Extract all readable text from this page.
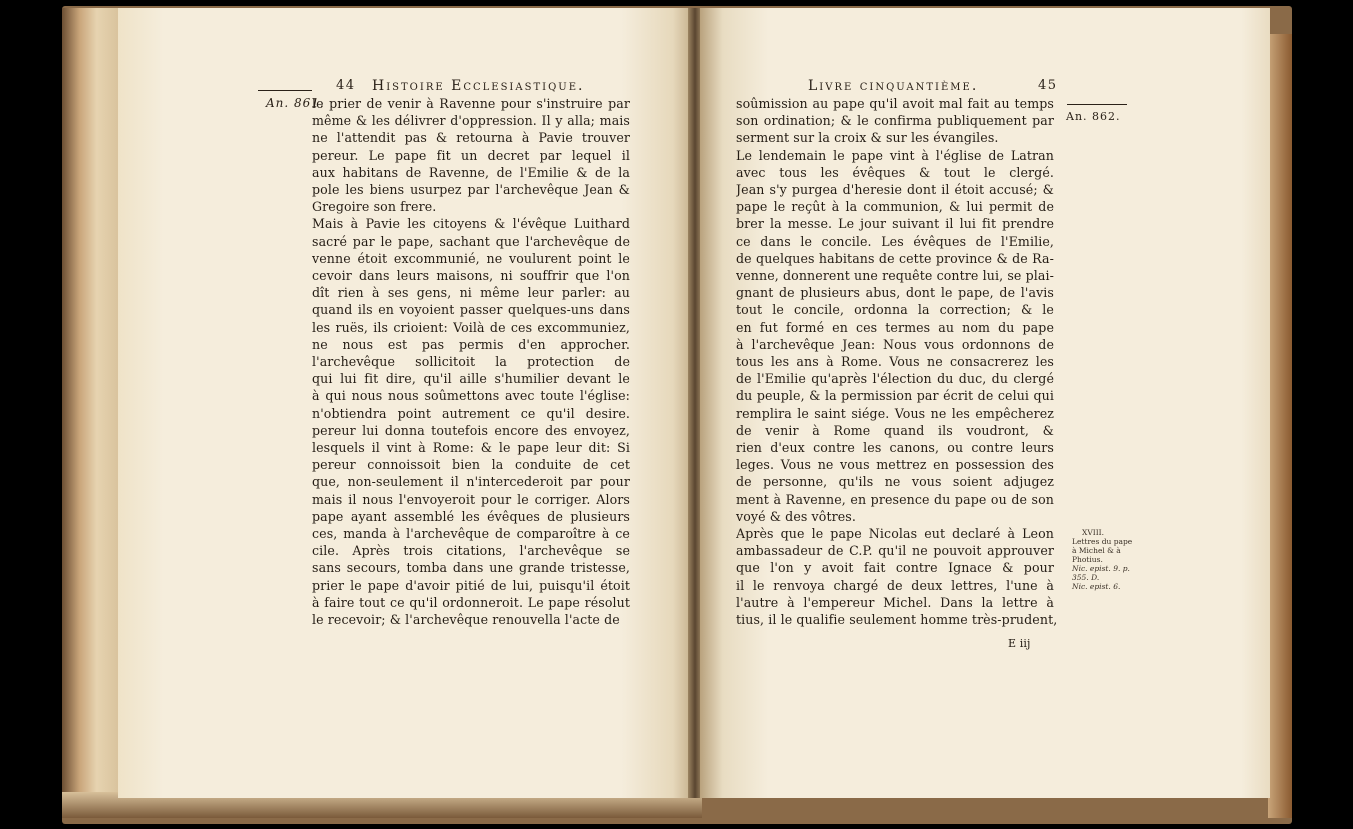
44 Histoire Ecclesiastique.
An. 861.
le prier de venir à Ravenne pour s'instruire par
même & les délivrer d'oppression. Il y alla; mais
ne l'attendit pas & retourna à Pavie trouver
pereur. Le pape fit un decret par lequel il
aux habitans de Ravenne, de l'Emilie & de la
pole les biens usurpez par l'archevêque Jean &
Gregoire son frere.
Mais à Pavie les citoyens & l'évêque Luithard
sacré par le pape, sachant que l'archevêque de
venne étoit excommunié, ne voulurent point le
cevoir dans leurs maisons, ni souffrir que l'on
dît rien à ses gens, ni même leur parler: au
quand ils en voyoient passer quelques-uns dans
les ruës, ils crioient: Voilà de ces excommuniez,
ne nous est pas permis d'en approcher.
l'archevêque sollicitoit la protection de
qui lui fit dire, qu'il aille s'humilier devant le
à qui nous nous soûmettons avec toute l'église:
n'obtiendra point autrement ce qu'il desire.
pereur lui donna toutefois encore des envoyez,
lesquels il vint à Rome: & le pape leur dit: Si
pereur connoissoit bien la conduite de cet
que, non-seulement il n'intercederoit par pour
mais il nous l'envoyeroit pour le corriger. Alors
pape ayant assemblé les évêques de plusieurs
ces, manda à l'archevêque de comparoître à ce
cile. Après trois citations, l'archevêque se
sans secours, tomba dans une grande tristesse,
prier le pape d'avoir pitié de lui, puisqu'il étoit
à faire tout ce qu'il ordonneroit. Le pape résolut
le recevoir; & l'archevêque renouvella l'acte de
Livre cinquantième.	45
An. 862.
soûmission au pape qu'il avoit mal fait au temps
son ordination; & le confirma publiquement par
serment sur la croix & sur les évangiles.
Le lendemain le pape vint à l'église de Latran
avec tous les évêques & tout le clergé.
Jean s'y purgea d'heresie dont il étoit accusé; &
pape le reçût à la communion, & lui permit de
brer la messe. Le jour suivant il lui fit prendre
ce dans le concile. Les évêques de l'Emilie,
de quelques habitans de cette province & de Ra-
venne, donnerent une requête contre lui, se plai-
gnant de plusieurs abus, dont le pape, de l'avis
tout le concile, ordonna la correction; & le
en fut formé en ces termes au nom du pape
à l'archevêque Jean: Nous vous ordonnons de
tous les ans à Rome. Vous ne consacrerez les
de l'Emilie qu'après l'élection du duc, du clergé
du peuple, & la permission par écrit de celui qui
remplira le saint siége. Vous ne les empêcherez
de venir à Rome quand ils voudront, &
rien d'eux contre les canons, ou contre leurs
leges. Vous ne vous mettrez en possession des
de personne, qu'ils ne vous soient adjugez
ment à Ravenne, en presence du pape ou de son
voyé & des vôtres.
Après que le pape Nicolas eut declaré à Leon
ambassadeur de C.P. qu'il ne pouvoit approuver
que l'on y avoit fait contre Ignace & pour
il le renvoya chargé de deux lettres, l'une à
l'autre à l'empereur Michel. Dans la lettre à
tius, il le qualifie seulement homme très-prudent,
XVIII.
Lettres du pape
à Michel & à
Photius.
Nic. epist. 9. p.
355. D.
Nic. epist. 6.
E iij
